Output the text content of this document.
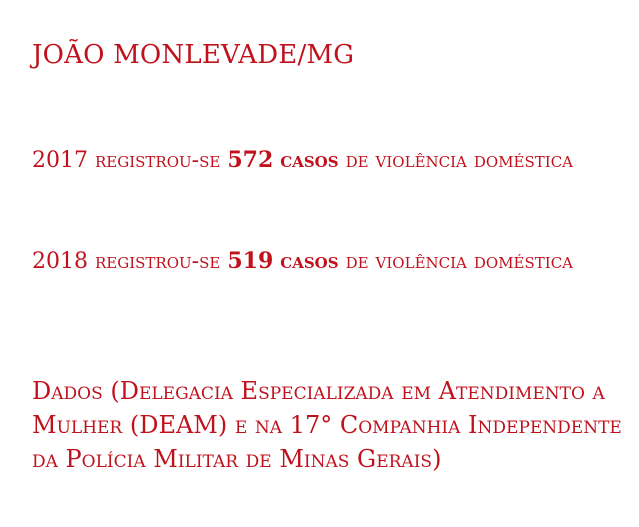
JOÃO MONLEVADE/MG

2017 registrou-se 572 casos de violência doméstica

2018 registrou-se 519 casos de violência doméstica

Dados (Delegacia Especializada em Atendimento a Mulher (DEAM) e na 17° Companhia Independente da Polícia Militar de Minas Gerais)
